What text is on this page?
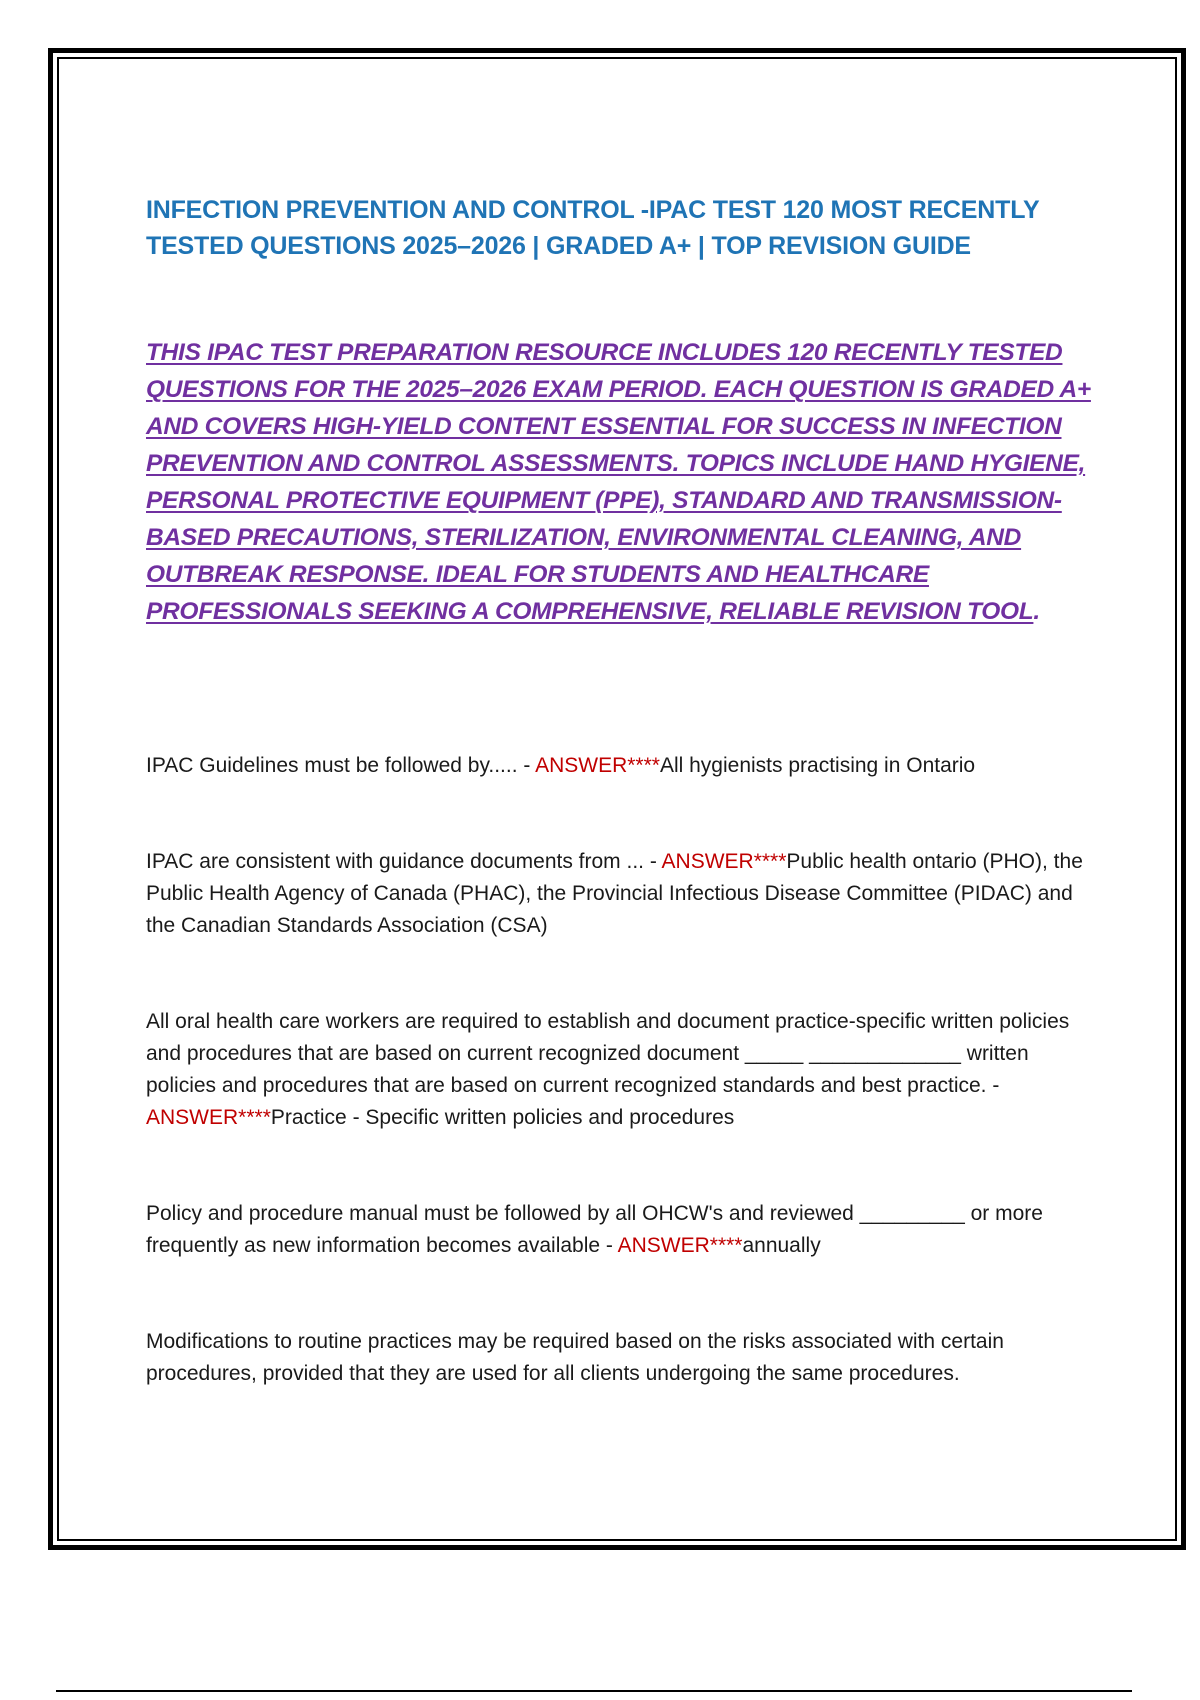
INFECTION PREVENTION AND CONTROL -IPAC TEST 120 MOST RECENTLY TESTED QUESTIONS 2025–2026 | GRADED A+ | TOP REVISION GUIDE

THIS IPAC TEST PREPARATION RESOURCE INCLUDES 120 RECENTLY TESTED QUESTIONS FOR THE 2025–2026 EXAM PERIOD. EACH QUESTION IS GRADED A+ AND COVERS HIGH-YIELD CONTENT ESSENTIAL FOR SUCCESS IN INFECTION PREVENTION AND CONTROL ASSESSMENTS. TOPICS INCLUDE HAND HYGIENE, PERSONAL PROTECTIVE EQUIPMENT (PPE), STANDARD AND TRANSMISSION-BASED PRECAUTIONS, STERILIZATION, ENVIRONMENTAL CLEANING, AND OUTBREAK RESPONSE. IDEAL FOR STUDENTS AND HEALTHCARE PROFESSIONALS SEEKING A COMPREHENSIVE, RELIABLE REVISION TOOL.

IPAC Guidelines must be followed by..... - ANSWER****All hygienists practising in Ontario

IPAC are consistent with guidance documents from ... - ANSWER****Public health ontario (PHO), the Public Health Agency of Canada (PHAC), the Provincial Infectious Disease Committee (PIDAC) and the Canadian Standards Association (CSA)

All oral health care workers are required to establish and document practice-specific written policies and procedures that are based on current recognized document _____ _____________ written policies and procedures that are based on current recognized standards and best practice. - ANSWER****Practice - Specific written policies and procedures

Policy and procedure manual must be followed by all OHCW's and reviewed _________ or more frequently as new information becomes available - ANSWER****annually

Modifications to routine practices may be required based on the risks associated with certain procedures, provided that they are used for all clients undergoing the same procedures.
